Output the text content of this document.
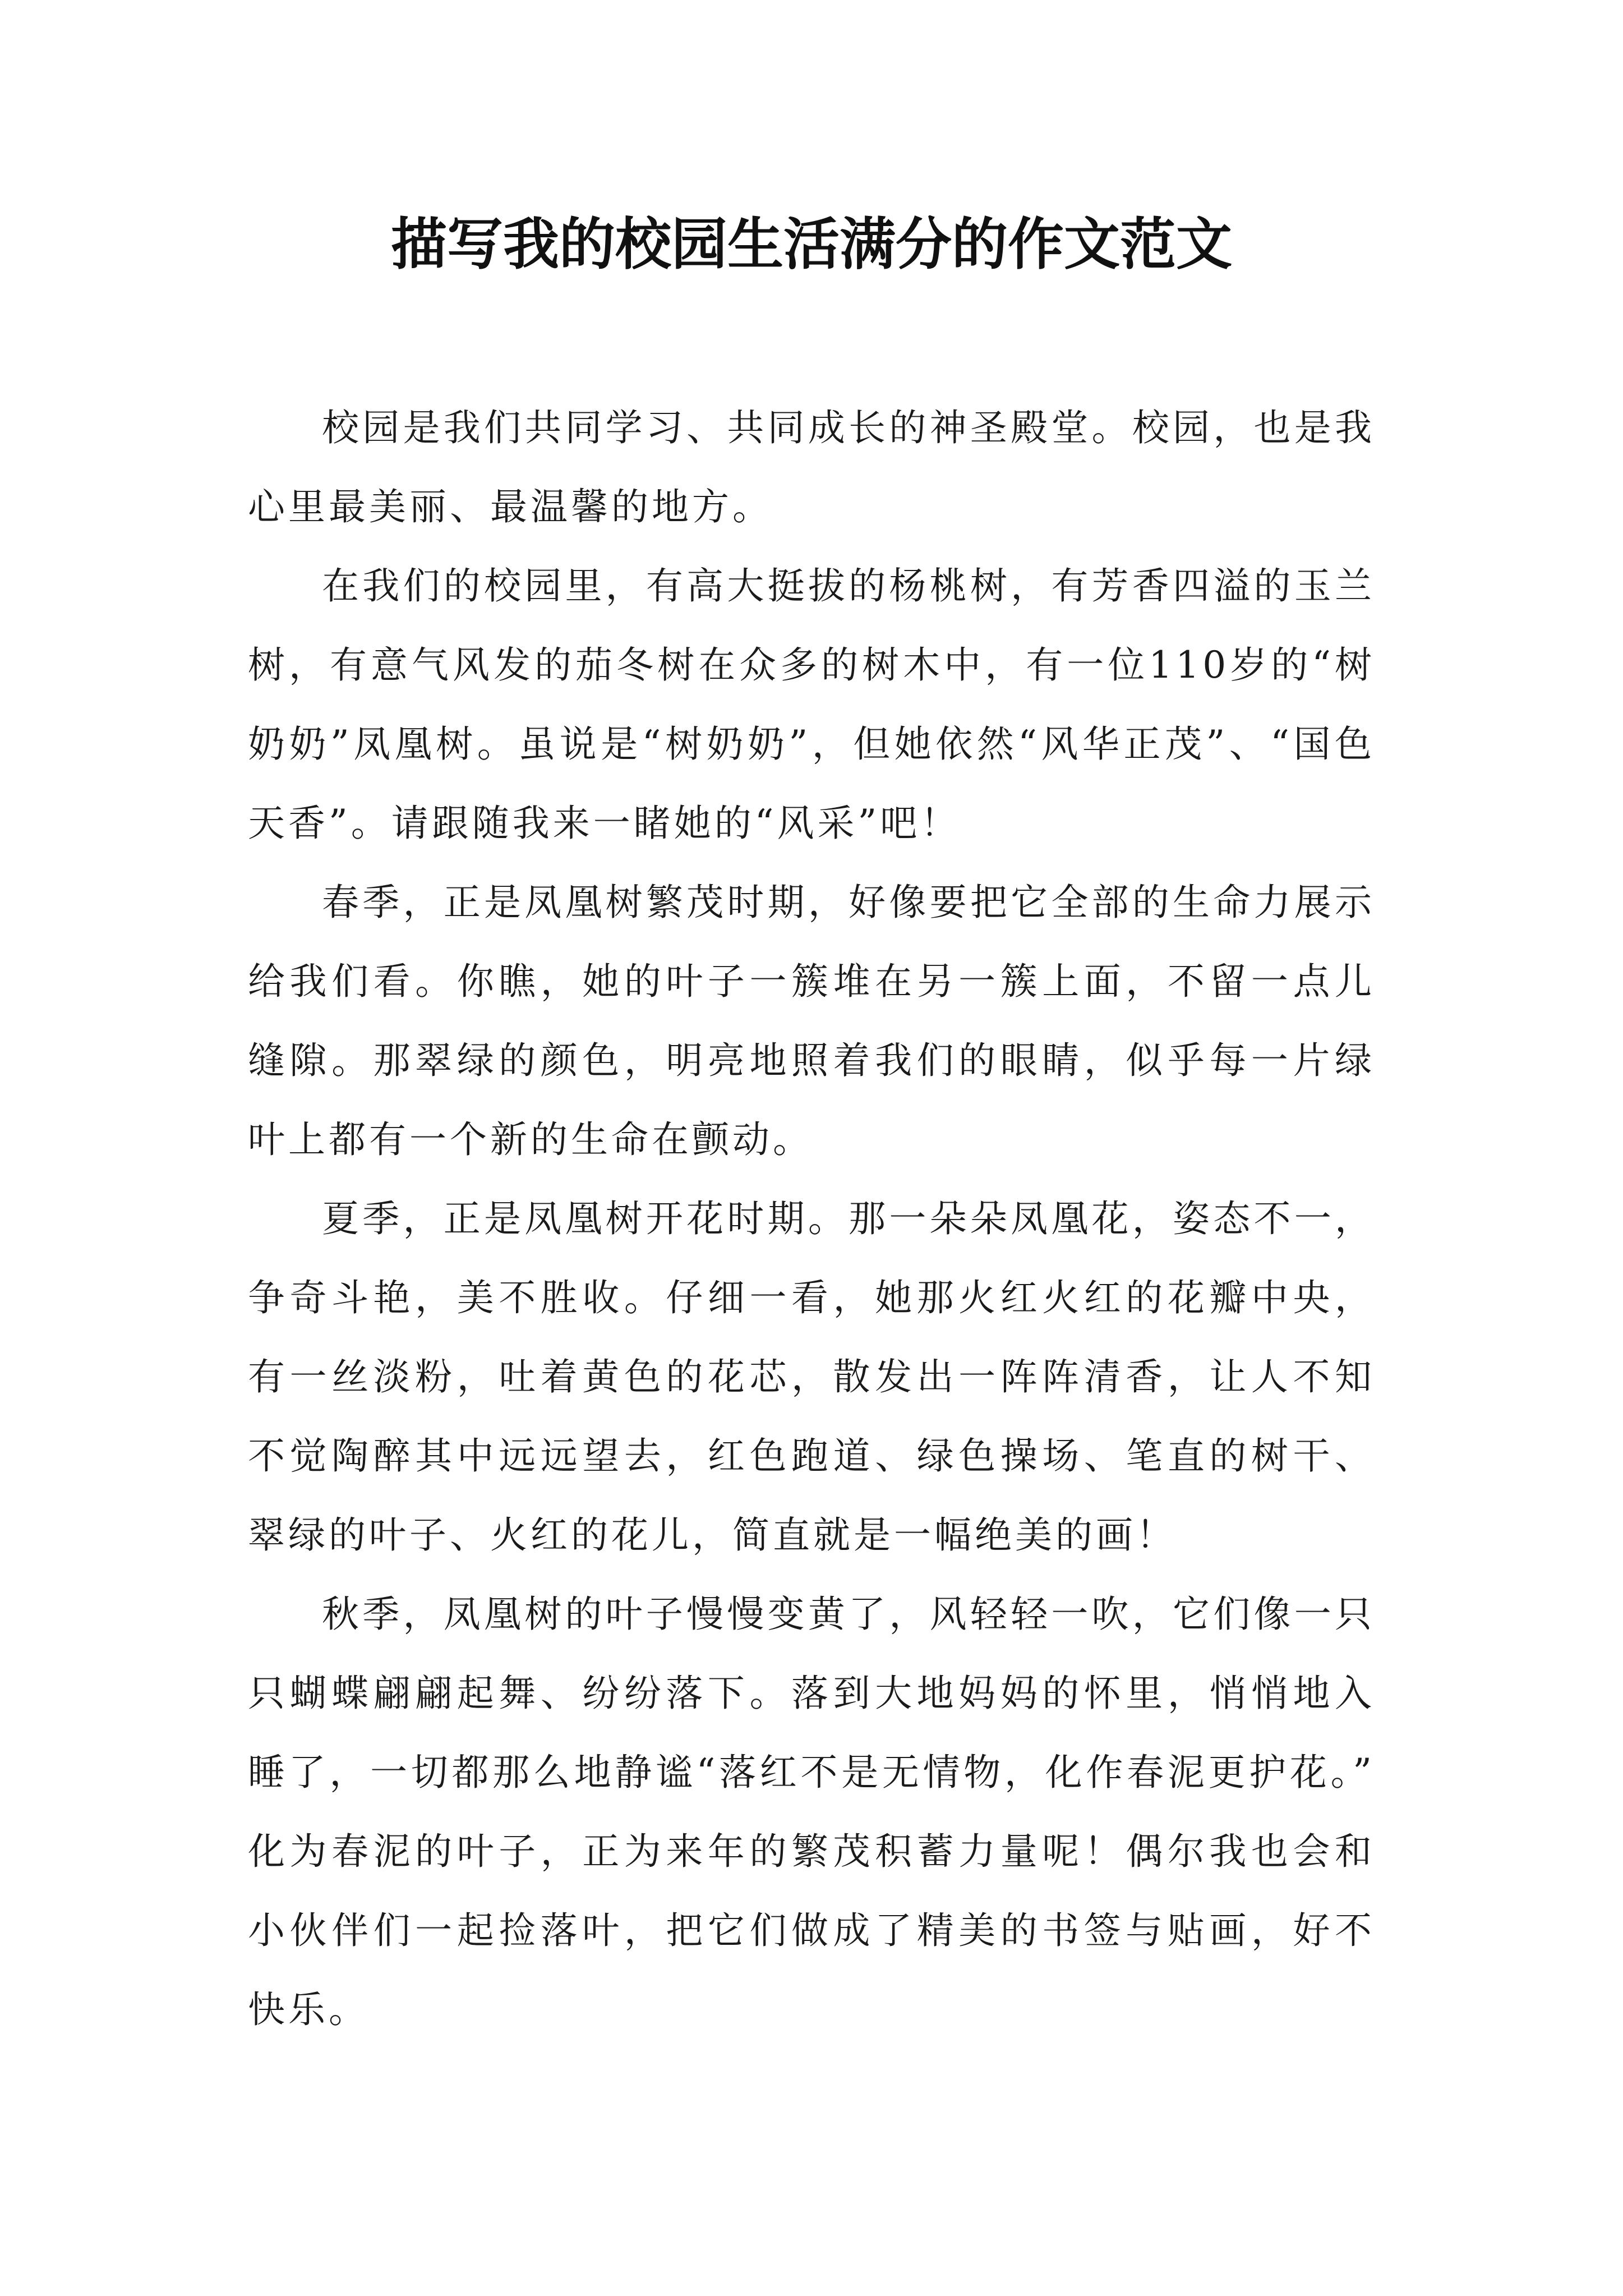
描写我的校园生活满分的作文范文

校园是我们共同学习、共同成长的神圣殿堂。校园，也是我心里最美丽、最温馨的地方。

在我们的校园里，有高大挺拔的杨桃树，有芳香四溢的玉兰树，有意气风发的茄冬树在众多的树木中，有一位110岁的“树奶奶”凤凰树。虽说是“树奶奶”，但她依然“风华正茂”、“国色天香”。请跟随我来一睹她的“风采”吧！

春季，正是凤凰树繁茂时期，好像要把它全部的生命力展示给我们看。你瞧，她的叶子一簇堆在另一簇上面，不留一点儿缝隙。那翠绿的颜色，明亮地照着我们的眼睛，似乎每一片绿叶上都有一个新的生命在颤动。

夏季，正是凤凰树开花时期。那一朵朵凤凰花，姿态不一，争奇斗艳，美不胜收。仔细一看，她那火红火红的花瓣中央，有一丝淡粉，吐着黄色的花芯，散发出一阵阵清香，让人不知不觉陶醉其中远远望去，红色跑道、绿色操场、笔直的树干、翠绿的叶子、火红的花儿，简直就是一幅绝美的画！

秋季，凤凰树的叶子慢慢变黄了，风轻轻一吹，它们像一只只蝴蝶翩翩起舞、纷纷落下。落到大地妈妈的怀里，悄悄地入睡了，一切都那么地静谧“落红不是无情物，化作春泥更护花。”化为春泥的叶子，正为来年的繁茂积蓄力量呢！偶尔我也会和小伙伴们一起捡落叶，把它们做成了精美的书签与贴画，好不快乐。
